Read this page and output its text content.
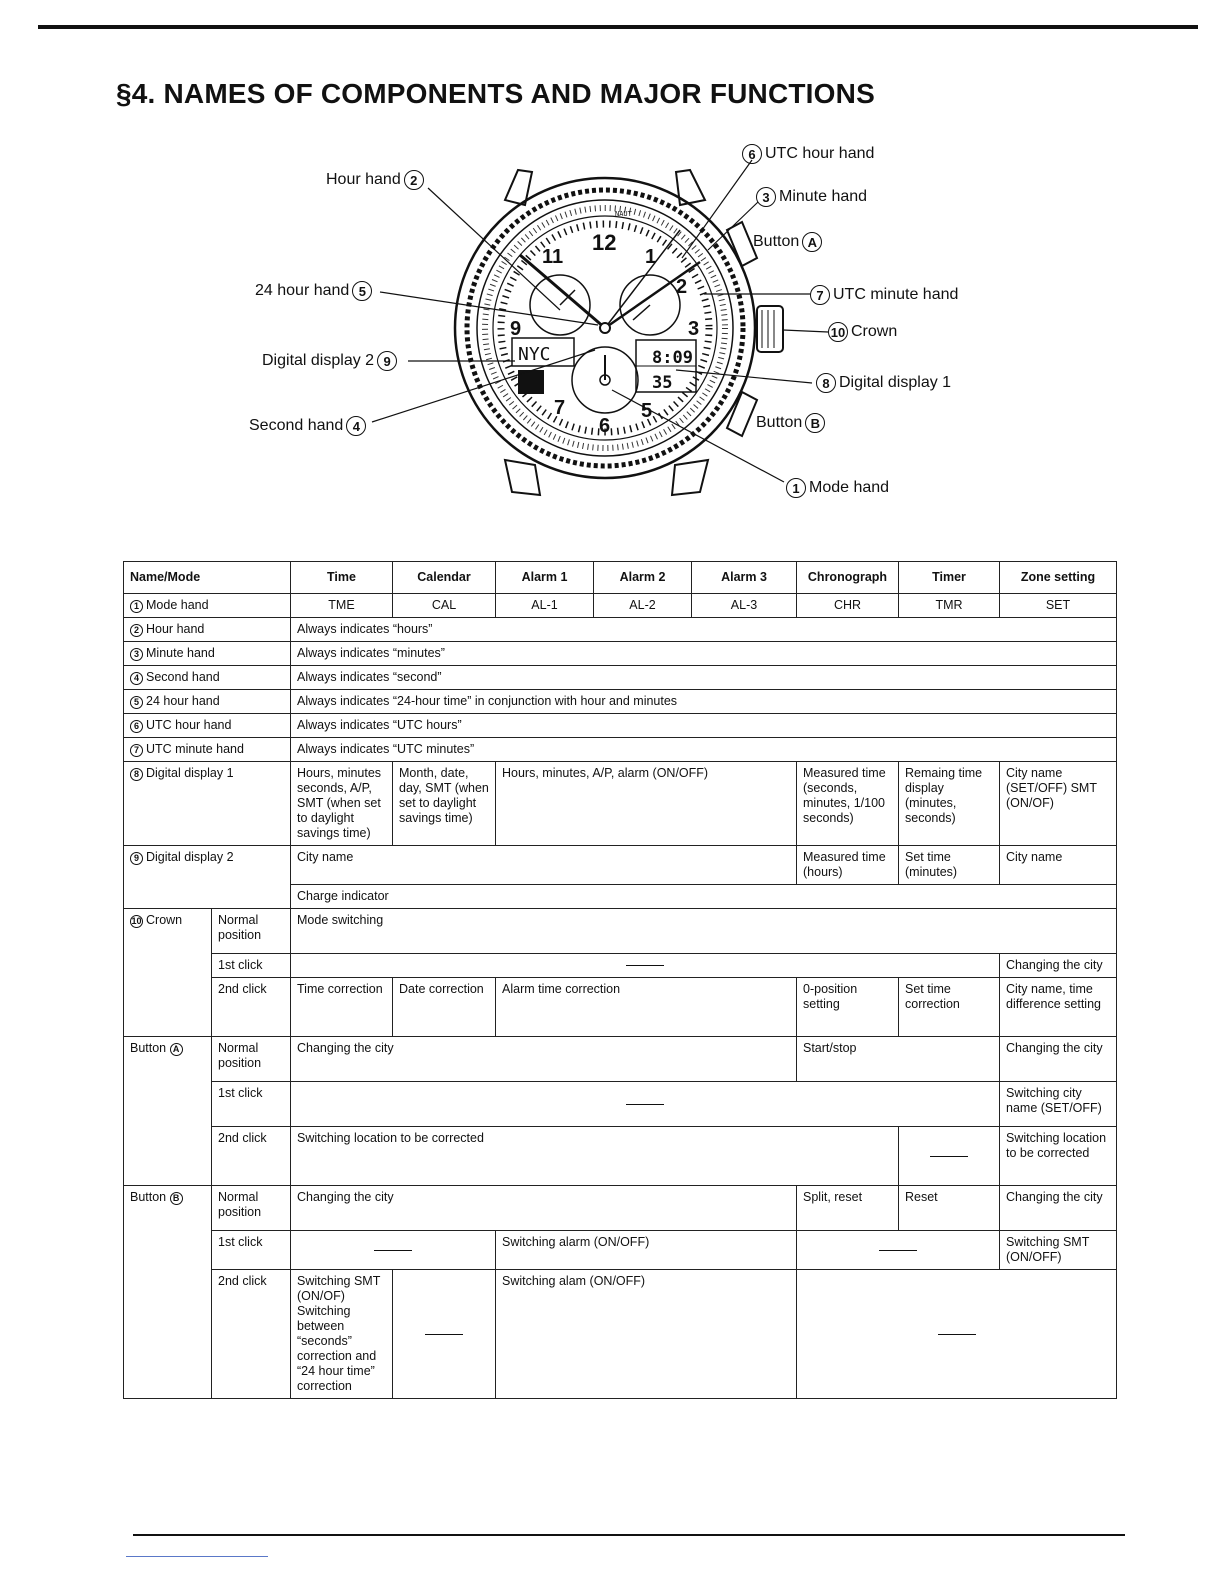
§4. NAMES OF COMPONENTS AND MAJOR FUNCTIONS
12
1
2
3
5
6
7
9
11
NYC	8:09
35
NAUT
Hour hand 2
6 UTC hour hand
3 Minute hand
Button A
24 hour hand 5	7 UTC minute hand
10 Crown
Digital display 2 9
8 Digital display 1
Second hand 4	Button B
1 Mode hand
Name/Mode		Time	Calendar	Alarm 1	Alarm 2	Alarm 3	Chronograph	Timer	Zone setting
1 Mode hand		TME	CAL	AL-1	AL-2	AL-3	CHR	TMR	SET
2 Hour hand		Always indicates “hours”							
3 Minute hand		Always indicates “minutes”							
4 Second hand		Always indicates “second”							
5 24 hour hand		Always indicates “24-hour time” in conjunction with hour and minutes							
6 UTC hour hand		Always indicates “UTC hours”							
7 UTC minute hand		Always indicates “UTC minutes”							
8 Digital display 1		Hours, minutes seconds, A/P, SMT (when set to daylight savings time)	Month, date, day, SMT (when set to daylight savings time)	Hours, minutes, A/P, alarm (ON/OFF)			Measured time (seconds, minutes, 1/100 seconds)	Remaing time display (minutes, seconds)	City name (SET/OFF) SMT (ON/OF)
9 Digital display 2		City name					Measured time (hours)	Set time (minutes)	City name
		Charge indicator							
10 Crown	Normal position	Mode switching							
	1st click								Changing the city
	2nd click	Time correction	Date correction	Alarm time correction			0-position setting	Set time correction	City name, time difference setting
Button A	Normal position	Changing the city					Start/stop		Changing the city
	1st click								Switching city name (SET/OFF)
	2nd click	Switching location to be corrected							Switching location to be corrected
Button B	Normal position	Changing the city					Split, reset	Reset	Changing the city
	1st click			Switching alarm (ON/OFF)					Switching SMT (ON/OFF)
	2nd click	Switching SMT (ON/OF) Switching between “seconds” correction and “24 hour time” correction		Switching alam (ON/OFF)					
